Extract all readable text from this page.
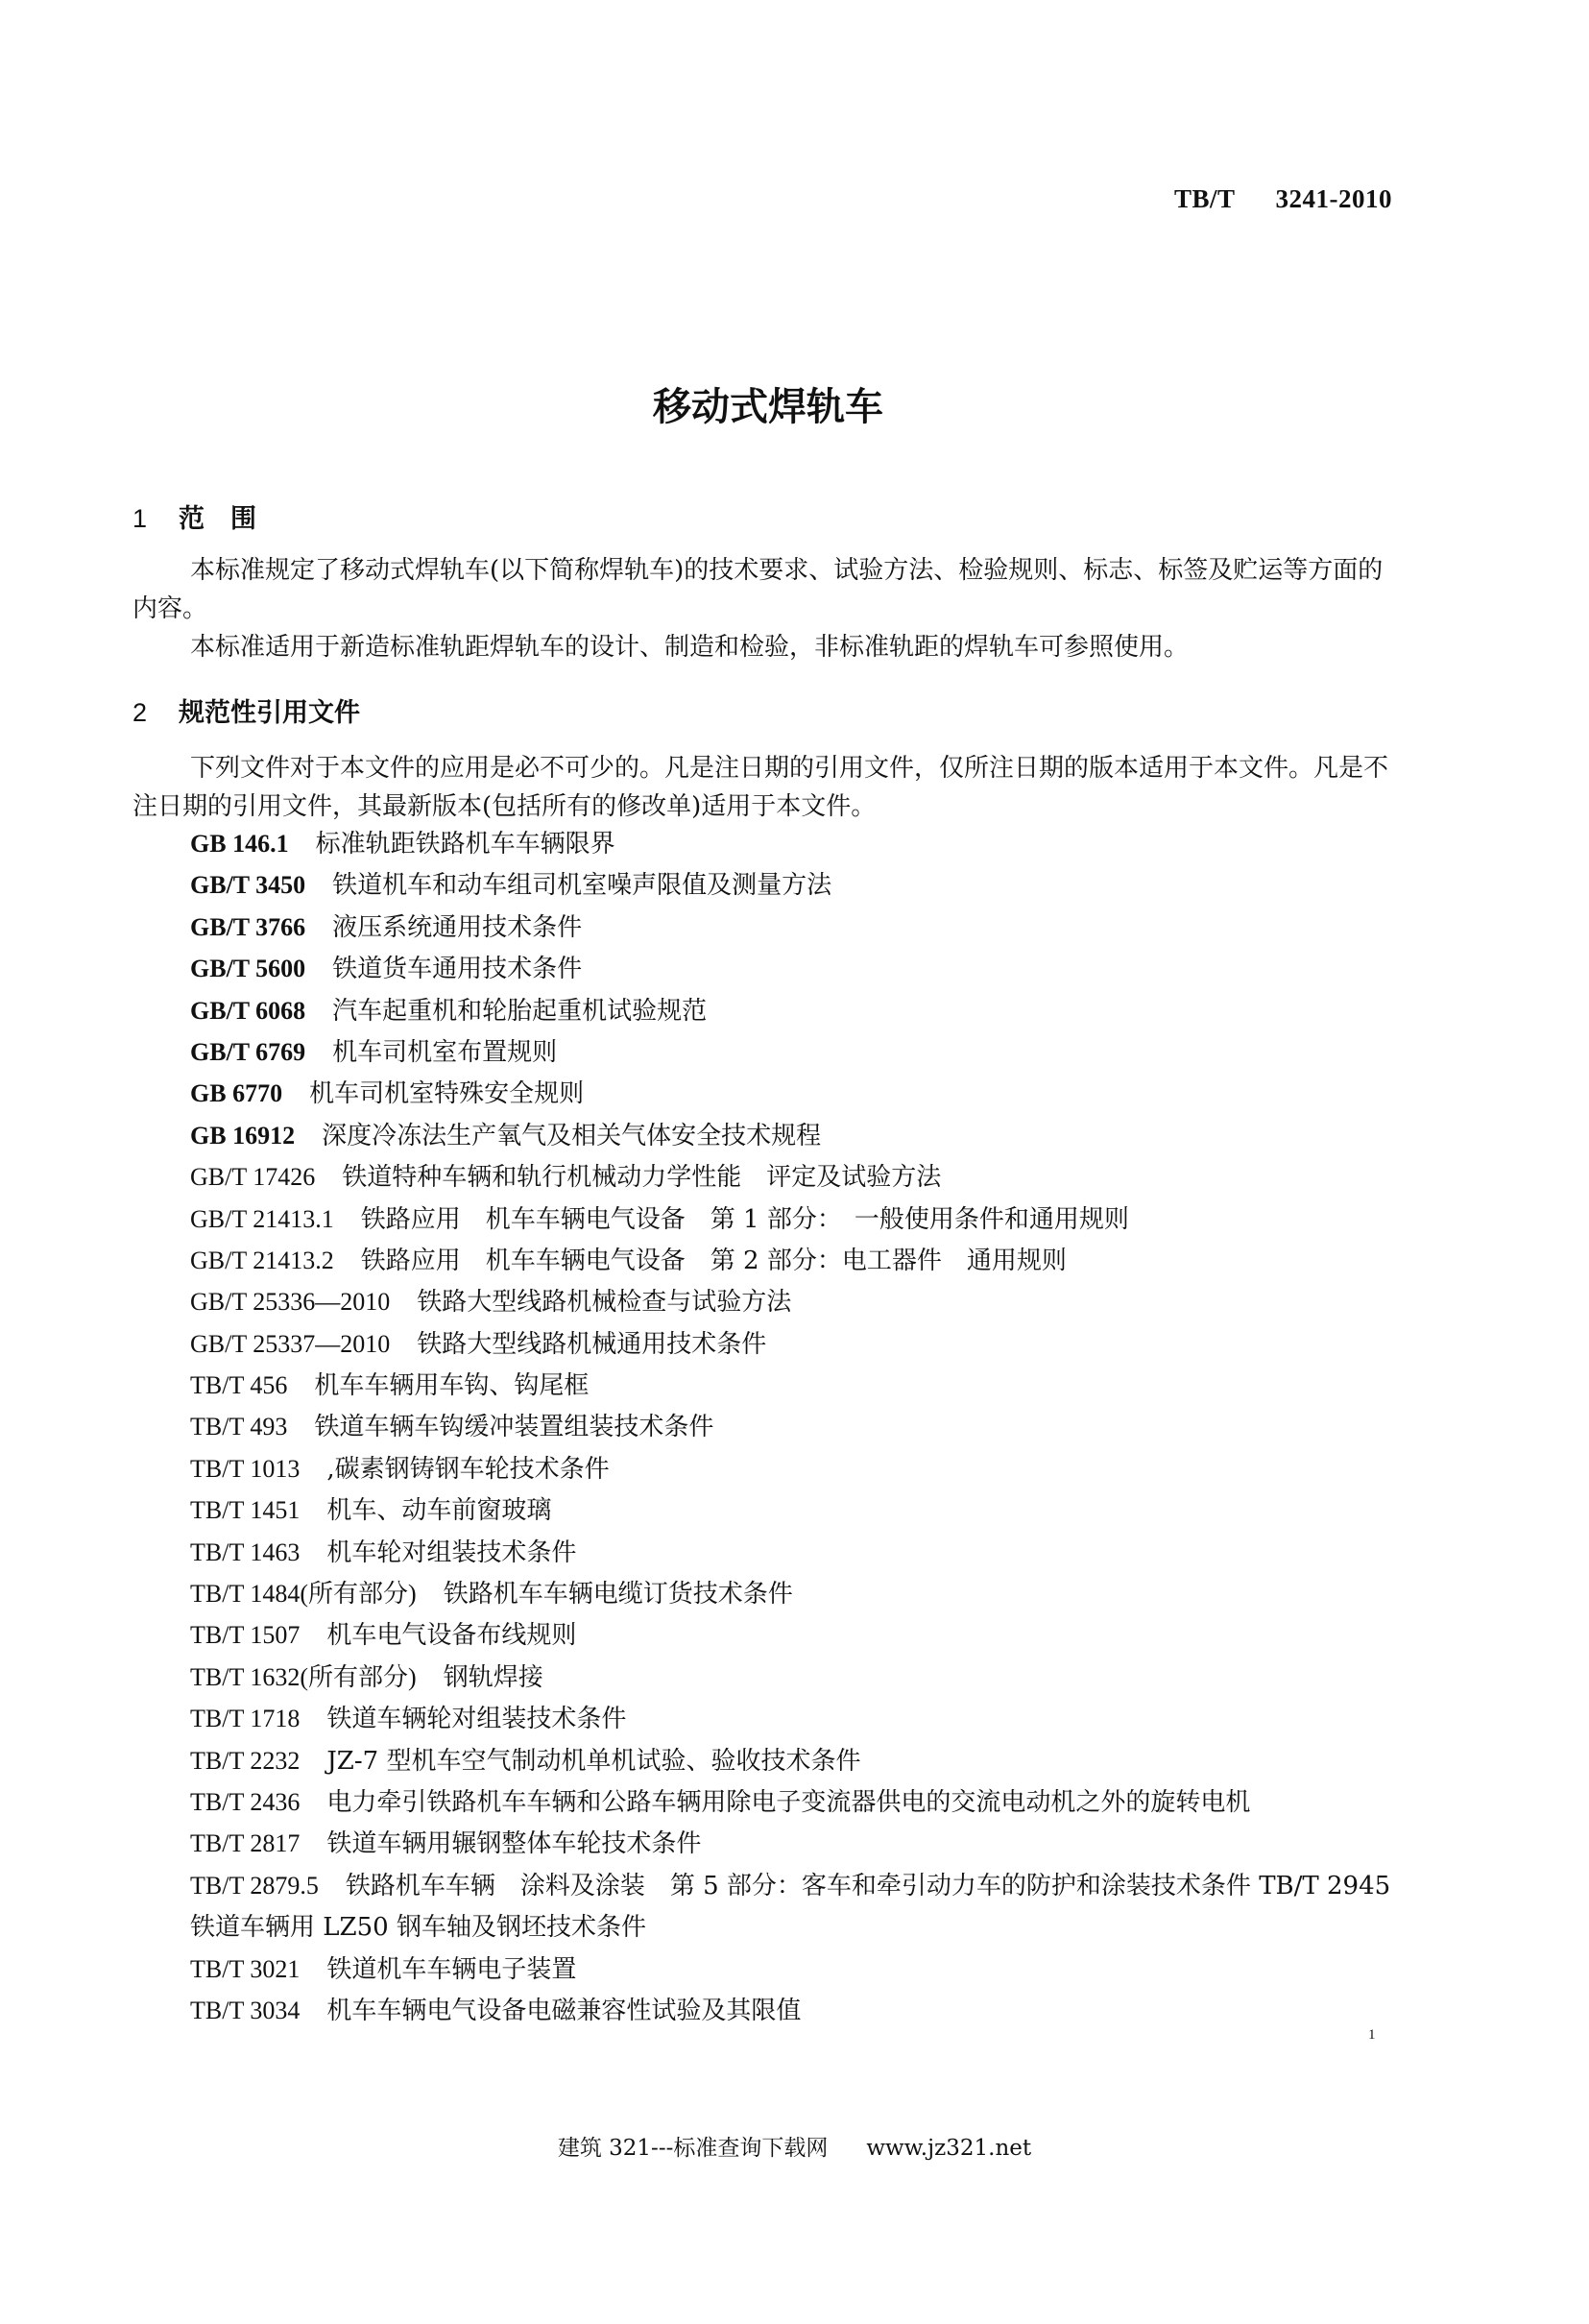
TB/T 3241-2010
移动式焊轨车
1 范　围
本标准规定了移动式焊轨车(以下简称焊轨车)的技术要求、试验方法、检验规则、标志、标签及贮运等方面的内容。
本标准适用于新造标准轨距焊轨车的设计、制造和检验，非标准轨距的焊轨车可参照使用。
2 规范性引用文件
下列文件对于本文件的应用是必不可少的。凡是注日期的引用文件，仅所注日期的版本适用于本文件。凡是不注日期的引用文件，其最新版本(包括所有的修改单)适用于本文件。
GB 146.1 标准轨距铁路机车车辆限界
GB/T 3450 铁道机车和动车组司机室噪声限值及测量方法
GB/T 3766 液压系统通用技术条件
GB/T 5600 铁道货车通用技术条件
GB/T 6068 汽车起重机和轮胎起重机试验规范
GB/T 6769 机车司机室布置规则
GB 6770 机车司机室特殊安全规则
GB 16912 深度冷冻法生产氧气及相关气体安全技术规程
GB/T 17426 铁道特种车辆和轨行机械动力学性能　评定及试验方法
GB/T 21413.1 铁路应用　机车车辆电气设备　第 1 部分：　一般使用条件和通用规则
GB/T 21413.2 铁路应用　机车车辆电气设备　第 2 部分：电工器件　通用规则
GB/T 25336—2010 铁路大型线路机械检查与试验方法
GB/T 25337—2010 铁路大型线路机械通用技术条件
TB/T 456 机车车辆用车钩、钩尾框
TB/T 493 铁道车辆车钩缓冲装置组装技术条件
TB/T 1013 ,碳素钢铸钢车轮技术条件
TB/T 1451 机车、动车前窗玻璃
TB/T 1463 机车轮对组装技术条件
TB/T 1484(所有部分) 铁路机车车辆电缆订货技术条件
TB/T 1507 机车电气设备布线规则
TB/T 1632(所有部分) 钢轨焊接
TB/T 1718 铁道车辆轮对组装技术条件
TB/T 2232 JZ-7 型机车空气制动机单机试验、验收技术条件
TB/T 2436 电力牵引铁路机车车辆和公路车辆用除电子变流器供电的交流电动机之外的旋转电机
TB/T 2817 铁道车辆用辗钢整体车轮技术条件
TB/T 2879.5 铁路机车车辆　涂料及涂装　第 5 部分：客车和牵引动力车的防护和涂装技术条件 TB/T 2945　铁道车辆用 LZ50 钢车轴及钢坯技术条件
TB/T 3021 铁道机车车辆电子装置
TB/T 3034 机车车辆电气设备电磁兼容性试验及其限值
1
建筑 321---标准查询下载网 www.jz321.net
